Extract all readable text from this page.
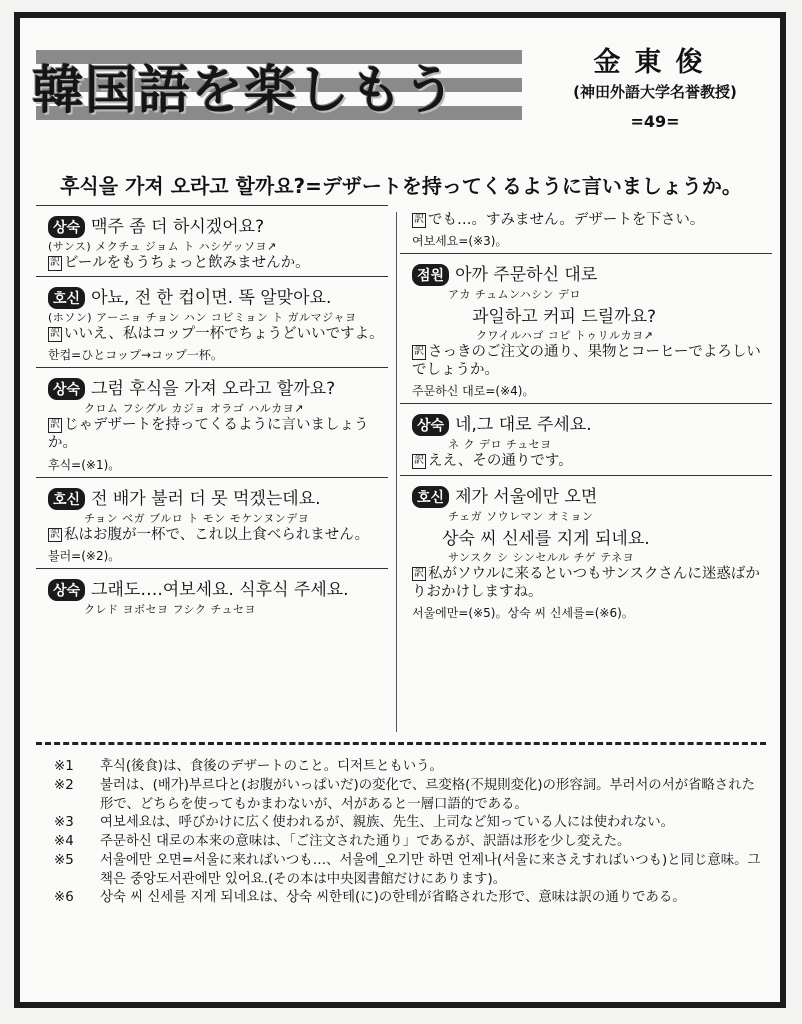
韓国語を楽しもう	金東俊
(神田外語大学名誉教授)
=49=
후식을 가져 오라고 할까요?=デザートを持ってくるように言いましょうか。
상숙 맥주 좀 더 하시겠어요?
(サンス) メクチュ ジョム ト ハシゲッソヨ↗
訳 ビールをもうちょっと飲みませんか。
호신 아뇨, 전 한 컵이면. 똑 알맞아요.
(ホソン) アーニョ チョン ハン コビミョン ト ガルマジャヨ
訳 いいえ、私はコップ一杯でちょうどいいですよ。
한컵=ひとコップ→コップ一杯。
상숙 그럼 후식을 가져 오라고 할까요?
クロム フシグル カジョ オラゴ ハルカヨ↗
訳 じゃデザートを持ってくるように言いましょうか。
후식=(※1)。
호신 전 배가 불러 더 못 먹겠는데요.
チョン ベガ ブルロ ト モン モケンヌンデヨ
訳 私はお腹が一杯で、これ以上食べられません。
불러=(※2)。
상숙 그래도….여보세요. 식후식 주세요.
クレド ヨボセヨ フシク チュセヨ
訳 でも…。すみません。デザートを下さい。
여보세요=(※3)。
점원 아까 주문하신 대로
アカ チュムンハシン デロ
과일하고 커피 드릴까요?
クワイルハゴ コピ トゥリルカヨ↗
訳 さっきのご注文の通り、果物とコーヒーでよろしいでしょうか。
주문하신 대로=(※4)。
상숙 네,그 대로 주세요.
ネ ク デロ チュセヨ
訳 ええ、その通りです。
호신 제가 서울에만 오면
チェガ ソウレマン オミョン
상숙 씨 신세를 지게 되네요.
サンスク シ シンセルル チゲ テネヨ
訳 私がソウルに来るといつもサンスクさんに迷惑ばかりおかけしますね。
서울에만=(※5)。상숙 씨 신세를=(※6)。
※1	후식(後食)は、食後のデザートのこと。디저트ともいう。
※2	불러は、(배가)부르다と(お腹がいっぱいだ)の変化で、르変格(不規則変化)の形容詞。부러서の서が省略された形で、どちらを使ってもかまわないが、서があると一層口語的である。
※3	여보세요は、呼びかけに広く使われるが、親族、先生、上司など知っている人には使われない。
※4	주문하신 대로の本来の意味は、「ご注文された通り」であるが、訳語は形を少し変えた。
※5	서울에만 오면=서울に来ればいつも…、서울에_오기만 하면 언제나(서울に来さえすればいつも)と同じ意味。그 책은 중앙도서관에만 있어요.(その本は中央図書館だけにあります)。
※6	상숙 씨 신세를 지게 되네요は、상숙 씨한테(に)の한테が省略された形で、意味は訳の通りである。
